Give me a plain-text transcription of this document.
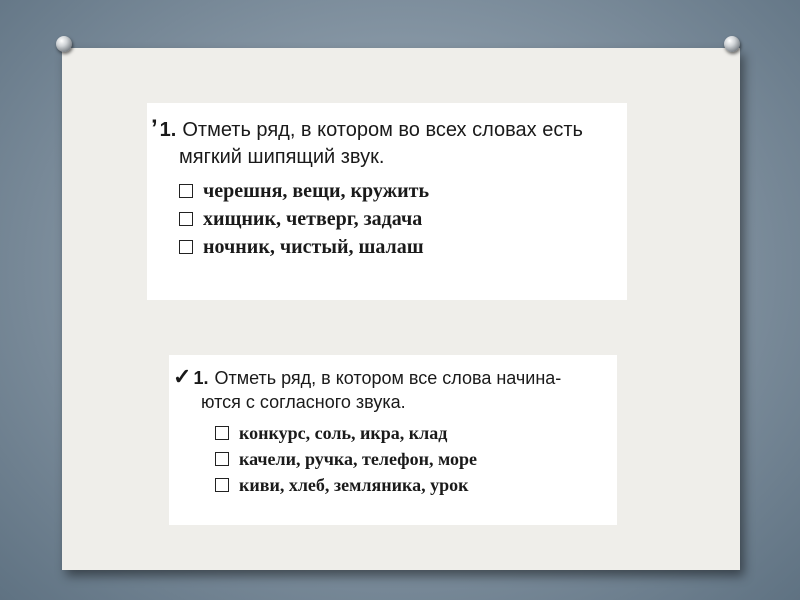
’ 1. Отметь ряд, в котором во всех словах есть
мягкий шипящий звук.
черешня, вещи, кружить
хищник, четверг, задача
ночник, чистый, шалаш
✓ 1. Отметь ряд, в котором все слова начина-
ются с согласного звука.
конкурс, соль, икра, клад
качели, ручка, телефон, море
киви, хлеб, земляника, урок
